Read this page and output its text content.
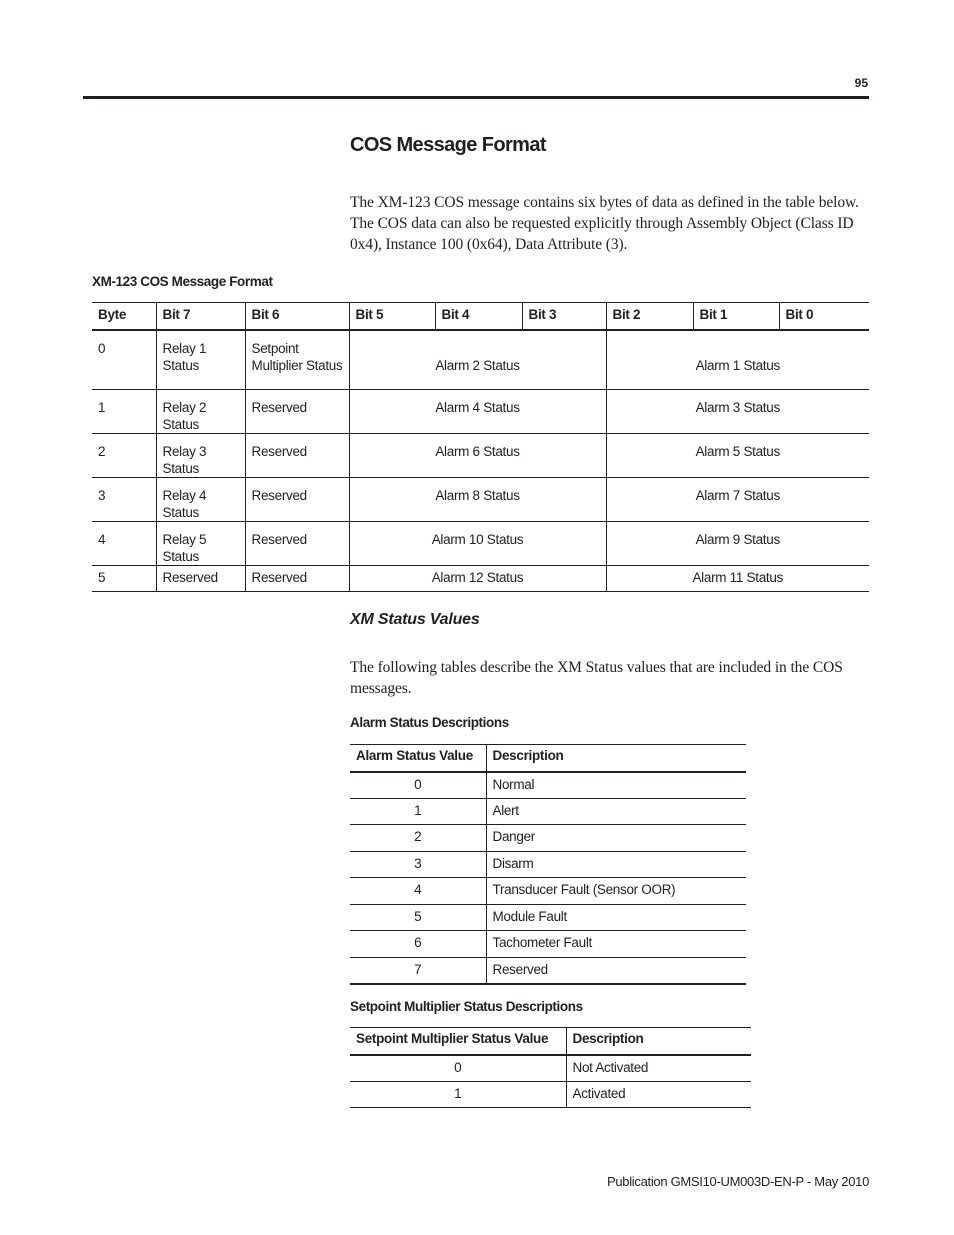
95
COS Message Format

The XM-123 COS message contains six bytes of data as defined in the table below. The COS data can also be requested explicitly through Assembly Object (Class ID 0x4), Instance 100 (0x64), Data Attribute (3).

XM-123 COS Message Format

Byte	Bit 7	Bit 6	Bit 5	Bit 4	Bit 3	Bit 2	Bit 1	Bit 0
0	Relay 1 Status	Setpoint Multiplier Status	Alarm 2 Status			Alarm 1 Status		
1	Relay 2 Status	Reserved	Alarm 4 Status			Alarm 3 Status		
2	Relay 3 Status	Reserved	Alarm 6 Status			Alarm 5 Status		
3	Relay 4 Status	Reserved	Alarm 8 Status			Alarm 7 Status		
4	Relay 5 Status	Reserved	Alarm 10 Status			Alarm 9 Status		
5	Reserved	Reserved	Alarm 12 Status			Alarm 11 Status		
XM Status Values

The following tables describe the XM Status values that are included in the COS messages.

Alarm Status Descriptions

Alarm Status Value	Description
0	Normal
1	Alert
2	Danger
3	Disarm
4	Transducer Fault (Sensor OOR)
5	Module Fault
6	Tachometer Fault
7	Reserved

Setpoint Multiplier Status Descriptions

Setpoint Multiplier Status Value	Description
0	Not Activated
1	Activated
Publication GMSI10-UM003D-EN-P - May 2010
